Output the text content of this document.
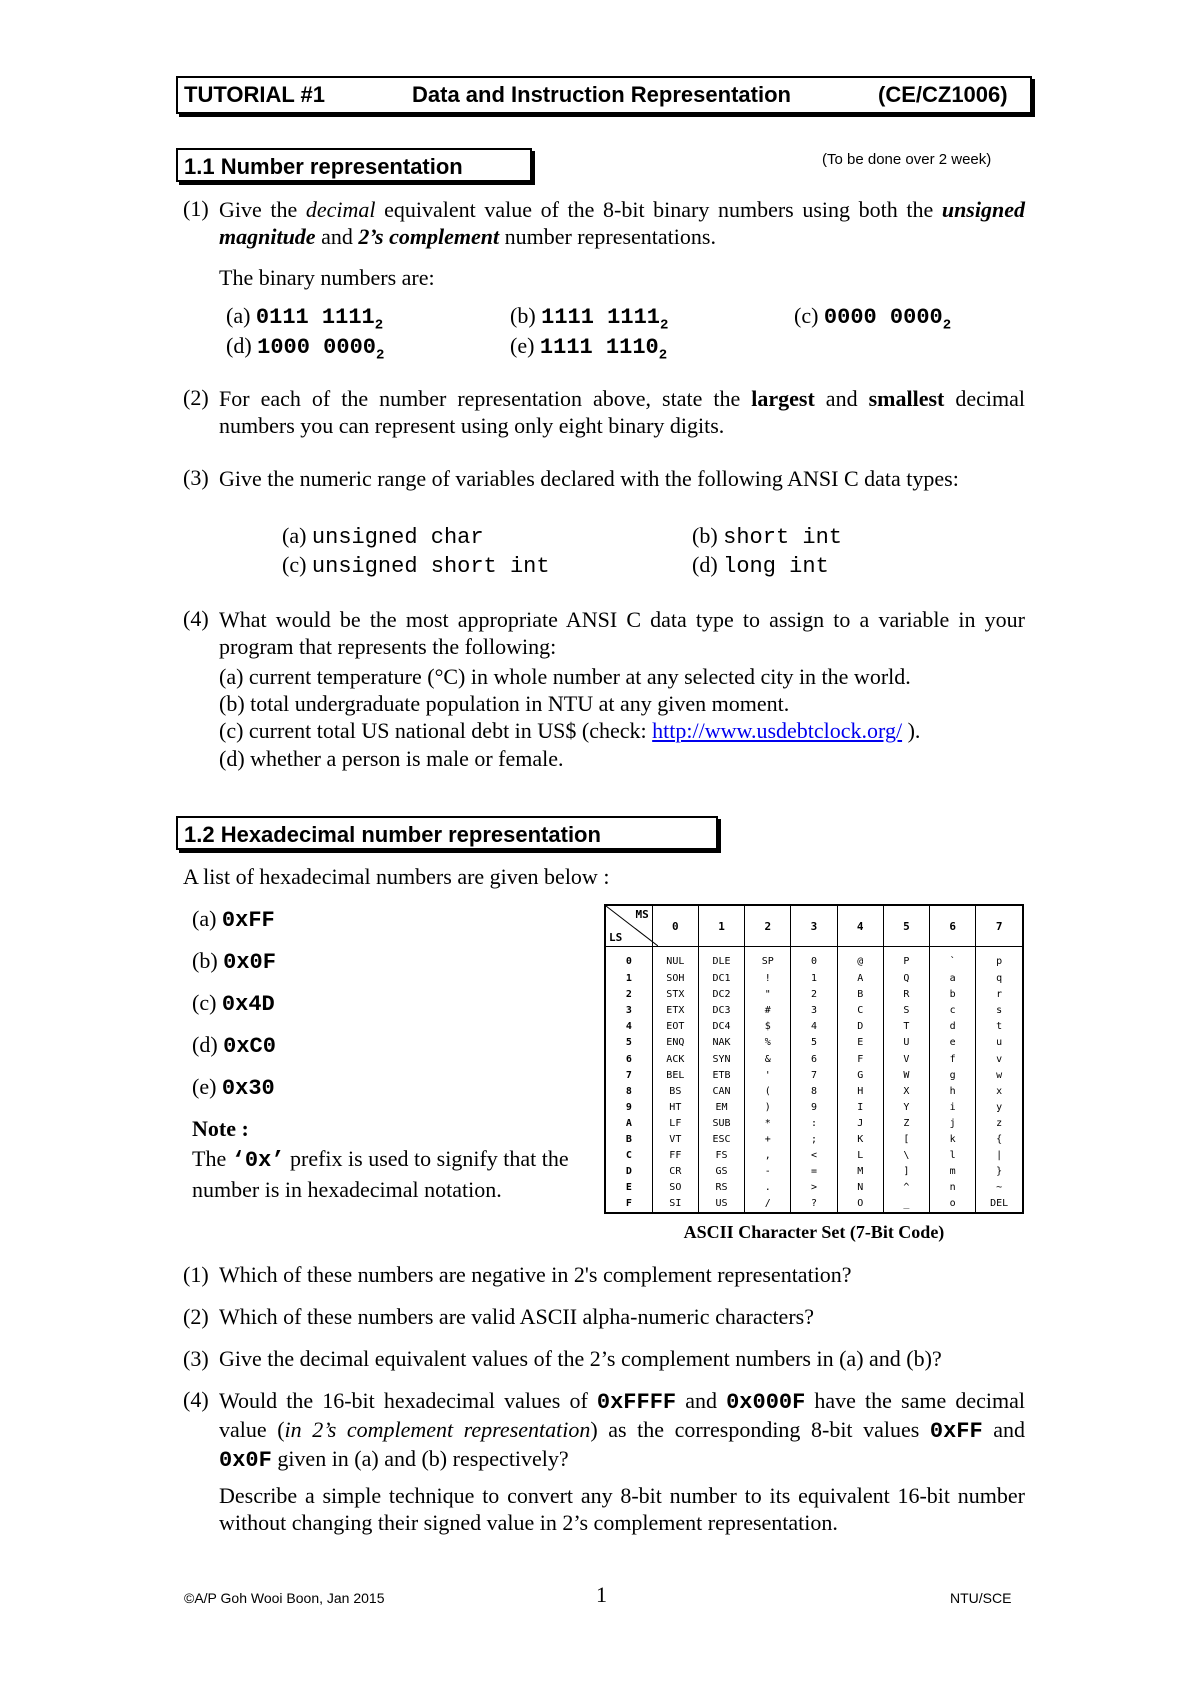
TUTORIAL #1	Data and Instruction Representation	(CE/CZ1006)
1.1 Number representation	(To be done over 2 week)
(1) Give the decimal equivalent value of the 8-bit binary numbers using both the unsigned magnitude and 2’s complement number representations.
The binary numbers are:
(a) 0111 $1111_2$	(b) 1111 $1111_2$	(c) 0000 $0000_2$
(d) 1000 $0000_2$	(e) 1111 $1110_2$
(2) For each of the number representation above, state the largest and smallest decimal numbers you can represent using only eight binary digits.
(3) Give the numeric range of variables declared with the following ANSI C data types:
(a) unsigned char	(b) short int
(c) unsigned short int	(d) long int
(4) What would be the most appropriate ANSI C data type to assign to a variable in your program that represents the following:
(a) current temperature (°C) in whole number at any selected city in the world.
(b) total undergraduate population in NTU at any given moment.
(c) current total US national debt in US$ (check: http://www.usdebtclock.org/ ).
(d) whether a person is male or female.
1.2 Hexadecimal number representation
A list of hexadecimal numbers are given below :
(a) 0xFF
(b) 0x0F
(c) 0x4D
(d) 0xC0
(e) 0x30
Note :
The ‘0x’ prefix is used to signify that the number is in hexadecimal notation.
MS
LS	0	1	2	3	4	5	6	7
0	NUL	DLE	SP	0	@	P	`	p
1	SOH	DC1	!	1	A	Q	a	q
2	STX	DC2	"	2	B	R	b	r
3	ETX	DC3	#	3	C	S	c	s
4	EOT	DC4	$	4	D	T	d	t
5	ENQ	NAK	%	5	E	U	e	u
6	ACK	SYN	&	6	F	V	f	v
7	BEL	ETB	'	7	G	W	g	w
8	BS	CAN	(	8	H	X	h	x
9	HT	EM	)	9	I	Y	i	y
A	LF	SUB	*	:	J	Z	j	z
B	VT	ESC	+	;	K	[	k	{
C	FF	FS	,	<	L	\	l	|
D	CR	GS	-	=	M	]	m	}
E	SO	RS	.	>	N	^	n	~
F	SI	US	/	?	O	_	o	DEL
ASCII Character Set (7-Bit Code)
(1) Which of these numbers are negative in 2's complement representation?
(2) Which of these numbers are valid ASCII alpha-numeric characters?
(3) Give the decimal equivalent values of the 2’s complement numbers in (a) and (b)?
(4) Would the 16-bit hexadecimal values of 0xFFFF and 0x000F have the same decimal value (in 2’s complement representation) as the corresponding 8-bit values 0xFF and 0x0F given in (a) and (b) respectively?
Describe a simple technique to convert any 8-bit number to its equivalent 16-bit number without changing their signed value in 2’s complement representation.
©A/P Goh Wooi Boon, Jan 2015	1	NTU/SCE
